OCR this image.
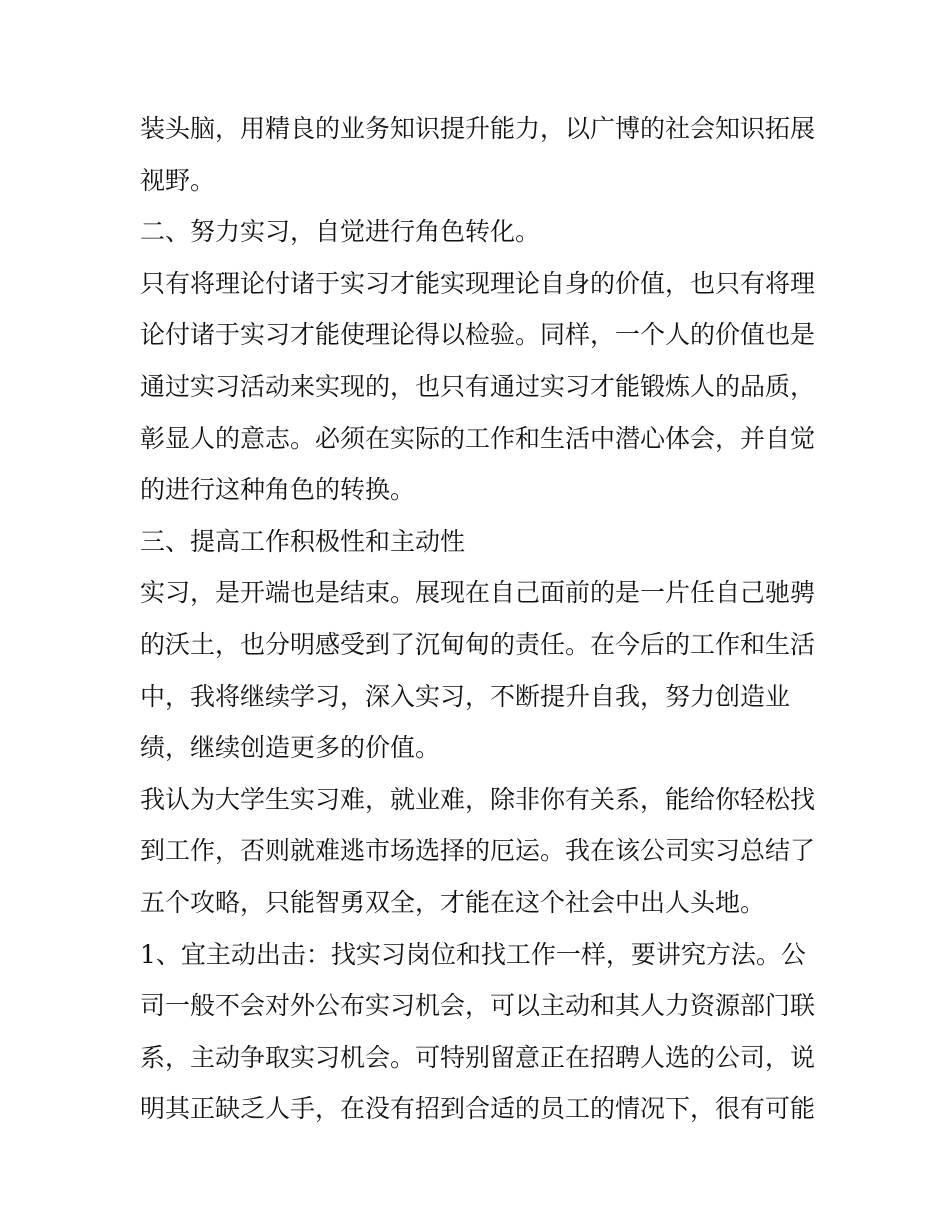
装头脑，用精良的业务知识提升能力，以广博的社会知识拓展
视野。
二、努力实习，自觉进行角色转化。
只有将理论付诸于实习才能实现理论自身的价值，也只有将理
论付诸于实习才能使理论得以检验。同样，一个人的价值也是
通过实习活动来实现的，也只有通过实习才能锻炼人的品质，
彰显人的意志。必须在实际的工作和生活中潜心体会，并自觉
的进行这种角色的转换。
三、提高工作积极性和主动性
实习，是开端也是结束。展现在自己面前的是一片任自己驰骋
的沃土，也分明感受到了沉甸甸的责任。在今后的工作和生活
中，我将继续学习，深入实习，不断提升自我，努力创造业
绩，继续创造更多的价值。
我认为大学生实习难，就业难，除非你有关系，能给你轻松找
到工作，否则就难逃市场选择的厄运。我在该公司实习总结了
五个攻略，只能智勇双全，才能在这个社会中出人头地。
1、宜主动出击：找实习岗位和找工作一样，要讲究方法。公
司一般不会对外公布实习机会，可以主动和其人力资源部门联
系，主动争取实习机会。可特别留意正在招聘人选的公司，说
明其正缺乏人手，在没有招到合适的员工的情况下，很有可能
